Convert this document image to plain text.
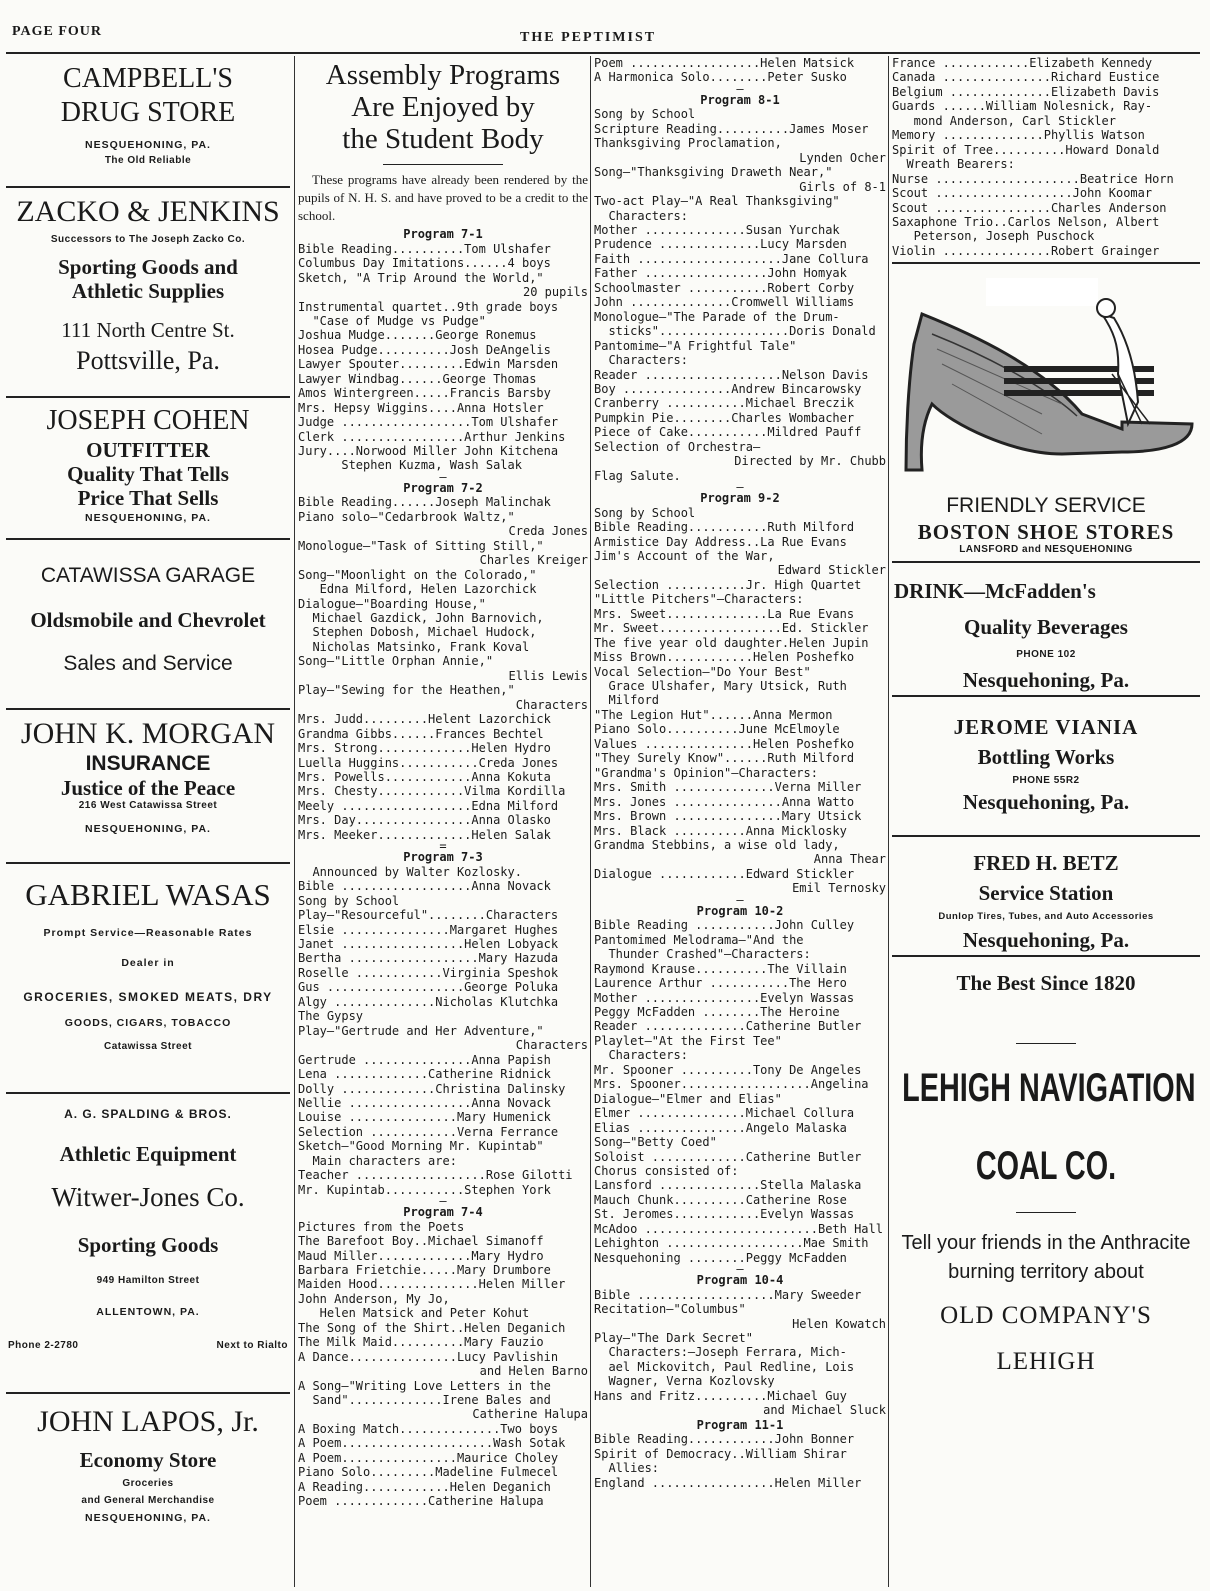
PAGE FOUR	THE PEPTIMIST
CAMPBELL'S
DRUG STORE
NESQUEHONING, PA.
The Old Reliable
ZACKO & JENKINS
Successors to The Joseph Zacko Co.
Sporting Goods and
Athletic Supplies
111 North Centre St.
Pottsville, Pa.
JOSEPH COHEN
OUTFITTER
Quality That Tells
Price That Sells
NESQUEHONING, PA.
CATAWISSA GARAGE
Oldsmobile and Chevrolet
Sales and Service
JOHN K. MORGAN
INSURANCE
Justice of the Peace
216 West Catawissa Street
NESQUEHONING, PA.
GABRIEL WASAS
Prompt Service—Reasonable Rates
Dealer in
GROCERIES, SMOKED MEATS, DRY
GOODS, CIGARS, TOBACCO
Catawissa Street
A. G. SPALDING & BROS.
Athletic Equipment
Witwer-Jones Co.
Sporting Goods
949 Hamilton Street
ALLENTOWN, PA.
Phone 2-2780	Next to Rialto
JOHN LAPOS, Jr.
Economy Store
Groceries
and General Merchandise
NESQUEHONING, PA.
Assembly Programs
Are Enjoyed by
the Student Body
These programs have already been rendered by the pupils of N. H. S. and have proved to be a credit to the school.
Program 7-1
Bible Reading..........Tom Ulshafer
Columbus Day Imitations......4 boys
Sketch, "A Trip Around the World,"
20 pupils
Instrumental quartet..9th grade boys
"Case of Mudge vs Pudge"
Joshua Mudge.......George Ronemus
Hosea Pudge..........Josh DeAngelis
Lawyer Spouter.........Edwin Marsden
Lawyer Windbag......George Thomas
Amos Wintergreen.....Francis Barsby
Mrs. Hepsy Wiggins....Anna Hotsler
Judge ..................Tom Ulshafer
Clerk .................Arthur Jenkins
Jury....Norwood Miller John Kitchena
Stephen Kuzma, Wash Salak
—
Program 7-2
Bible Reading......Joseph Malinchak
Piano solo—"Cedarbrook Waltz,"
Creda Jones
Monologue—"Task of Sitting Still,"
Charles Kreiger
Song—"Moonlight on the Colorado,"
Edna Milford, Helen Lazorchick
Dialogue—"Boarding House,"
Michael Gazdick, John Barnovich,
Stephen Dobosh, Michael Hudock,
Nicholas Matsinko, Frank Koval
Song—"Little Orphan Annie,"
Ellis Lewis
Play—"Sewing for the Heathen,"
Characters
Mrs. Judd.........Helent Lazorchick
Grandma Gibbs......Frances Bechtel
Mrs. Strong.............Helen Hydro
Luella Huggins...........Creda Jones
Mrs. Powells............Anna Kokuta
Mrs. Chesty............Vilma Kordilla
Meely ..................Edna Milford
Mrs. Day................Anna Olasko
Mrs. Meeker.............Helen Salak
=
Program 7-3
Announced by Walter Kozlosky.
Bible ..................Anna Novack
Song by School
Play—"Resourceful"........Characters
Elsie ...............Margaret Hughes
Janet .................Helen Lobyack
Bertha ..................Mary Hazuda
Roselle ............Virginia Speshok
Gus ...................George Poluka
Algy ..............Nicholas Klutchka
The Gypsy
Play—"Gertrude and Her Adventure,"
Characters
Gertrude ...............Anna Papish
Lena .............Catherine Ridnick
Dolly .............Christina Dalinsky
Nellie .................Anna Novack
Louise ...............Mary Humenick
Selection ............Verna Ferrance
Sketch—"Good Morning Mr. Kupintab"
Main characters are:
Teacher ..................Rose Gilotti
Mr. Kupintab...........Stephen York
—
Program 7-4
Pictures from the Poets
The Barefoot Boy..Michael Simanoff
Maud Miller.............Mary Hydro
Barbara Frietchie.....Mary Drumbore
Maiden Hood..............Helen Miller
John Anderson, My Jo,
Helen Matsick and Peter Kohut
The Song of the Shirt..Helen Deganich
The Milk Maid..........Mary Fauzio
A Dance...............Lucy Pavlishin
and Helen Barno
A Song—"Writing Love Letters in the
Sand".............Irene Bales and
Catherine Halupa
A Boxing Match..............Two boys
A Poem.....................Wash Sotak
A Poem................Maurice Choley
Piano Solo.........Madeline Fulmecel
A Reading............Helen Deganich
Poem .............Catherine Halupa
Poem ..................Helen Matsick
A Harmonica Solo........Peter Susko
—
Program 8-1
Song by School
Scripture Reading..........James Moser
Thanksgiving Proclamation,
Lynden Ocher
Song—"Thanksgiving Draweth Near,"
Girls of 8-1
Two-act Play—"A Real Thanksgiving"
Characters:
Mother ..............Susan Yurchak
Prudence ..............Lucy Marsden
Faith ....................Jane Collura
Father .................John Homyak
Schoolmaster ...........Robert Corby
John ..............Cromwell Williams
Monologue—"The Parade of the Drum-
sticks"..................Doris Donald
Pantomime—"A Frightful Tale"
Characters:
Reader ...................Nelson Davis
Boy ...............Andrew Bincarowsky
Cranberry ...........Michael Breczik
Pumpkin Pie........Charles Wombacher
Piece of Cake...........Mildred Pauff
Selection of Orchestra—
Directed by Mr. Chubb
Flag Salute.
—
Program 9-2
Song by School
Bible Reading...........Ruth Milford
Armistice Day Address..La Rue Evans
Jim's Account of the War,
Edward Stickler
Selection ...........Jr. High Quartet
"Little Pitchers"—Characters:
Mrs. Sweet..............La Rue Evans
Mr. Sweet.................Ed. Stickler
The five year old daughter.Helen Jupin
Miss Brown............Helen Poshefko
Vocal Selection—"Do Your Best"
Grace Ulshafer, Mary Utsick, Ruth
Milford
"The Legion Hut"......Anna Mermon
Piano Solo..........June McElmoyle
Values ...............Helen Poshefko
"They Surely Know"......Ruth Milford
"Grandma's Opinion"—Characters:
Mrs. Smith ..............Verna Miller
Mrs. Jones ...............Anna Watto
Mrs. Brown ...............Mary Utsick
Mrs. Black ..........Anna Micklosky
Grandma Stebbins, a wise old lady,
Anna Thear
Dialogue ............Edward Stickler
Emil Ternosky
—
Program 10-2
Bible Reading ...........John Culley
Pantomimed Melodrama—"And the
Thunder Crashed"—Characters:
Raymond Krause..........The Villain
Laurence Arthur ...........The Hero
Mother ................Evelyn Wassas
Peggy McFadden ........The Heroine
Reader ..............Catherine Butler
Playlet—"At the First Tee"
Characters:
Mr. Spooner ..........Tony De Angeles
Mrs. Spooner..................Angelina
Dialogue—"Elmer and Elias"
Elmer ...............Michael Collura
Elias ...............Angelo Malaska
Song—"Betty Coed"
Soloist .............Catherine Butler
Chorus consisted of:
Lansford ..............Stella Malaska
Mauch Chunk..........Catherine Rose
St. Jeromes............Evelyn Wassas
McAdoo ........................Beth Hall
Lehighton ...................Mae Smith
Nesquehoning ........Peggy McFadden
—
Program 10-4
Bible ...................Mary Sweeder
Recitation—"Columbus"
Helen Kowatch
Play—"The Dark Secret"
Characters:—Joseph Ferrara, Mich-
ael Mickovitch, Paul Redline, Lois
Wagner, Verna Kozlovsky
Hans and Fritz..........Michael Guy
and Michael Sluck
Program 11-1
Bible Reading............John Bonner
Spirit of Democracy..William Shirar
Allies:
England .................Helen Miller
France ............Elizabeth Kennedy
Canada ...............Richard Eustice
Belgium ..............Elizabeth Davis
Guards ......William Nolesnick, Ray-
mond Anderson, Carl Stickler
Memory ..............Phyllis Watson
Spirit of Tree..........Howard Donald
Wreath Bearers:
Nurse ....................Beatrice Horn
Scout ...................John Koomar
Scout ................Charles Anderson
Saxaphone Trio..Carlos Nelson, Albert
Peterson, Joseph Puschock
Violin ...............Robert Grainger
FRIENDLY SERVICE
BOSTON SHOE STORES
LANSFORD and NESQUEHONING
DRINK—McFadden's
Quality Beverages
PHONE 102
Nesquehoning, Pa.
JEROME VIANIA
Bottling Works
PHONE 55R2
Nesquehoning, Pa.
FRED H. BETZ
Service Station
Dunlop Tires, Tubes, and Auto Accessories
Nesquehoning, Pa.
The Best Since 1820
LEHIGH NAVIGATION
COAL CO.
Tell your friends in the Anthracite burning territory about
OLD COMPANY'S
LEHIGH
